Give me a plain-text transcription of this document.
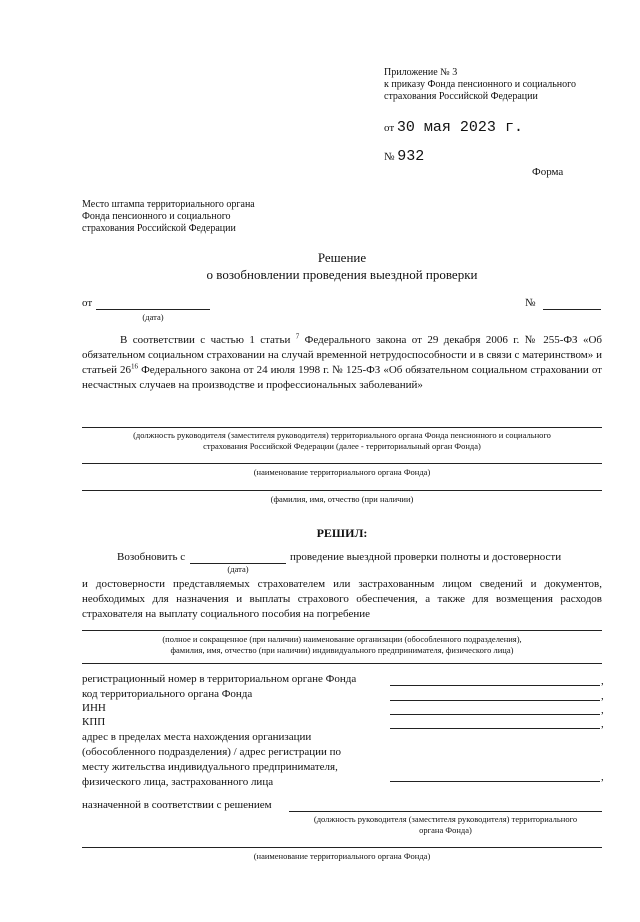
Приложение № 3
к приказу Фонда пенсионного и социального
страхования Российской Федерации
от 30 мая 2023 г.
№ 932
Форма
Место штампа территориального органа
Фонда пенсионного и социального
страхования Российской Федерации
Решение
о возобновлении проведения выездной проверки
от
(дата)
№
В соответствии с частью 1 статьи $^7$ Федерального закона от 29 декабря 2006 г. № 255-ФЗ «Об обязательном социальном страховании на случай временной нетрудоспособности и в связи с материнством» и статьей $26^{16}$ Федерального закона от 24 июля 1998 г. № 125-ФЗ «Об обязательном социальном страховании от несчастных случаев на производстве и профессиональных заболеваний»
(должность руководителя (заместителя руководителя) территориального органа Фонда пенсионного и социального
страхования Российской Федерации (далее - территориальный орган Фонда)
(наименование территориального органа Фонда)
(фамилия, имя, отчество (при наличии)
РЕШИЛ:
Возобновить с
(дата)
проведение выездной проверки полноты и достоверности
и достоверности представляемых страхователем или застрахованным лицом сведений и документов, необходимых для назначения и выплаты страхового обеспечения, а также для возмещения расходов страхователя на выплату социального пособия на погребение
(полное и сокращенное (при наличии) наименование организации (обособленного подразделения),
фамилия, имя, отчество (при наличии) индивидуального предпринимателя, физического лица)
регистрационный номер в территориальном органе Фонда	,
код территориального органа Фонда	,
ИНН	,
КПП	,
адрес в пределах места нахождения организации
(обособленного подразделения) / адрес регистрации по
месту жительства индивидуального предпринимателя,
физического лица, застрахованного лица	,
назначенной в соответствии с решением
(должность руководителя (заместителя руководителя) территориального
органа Фонда)
(наименование территориального органа Фонда)
